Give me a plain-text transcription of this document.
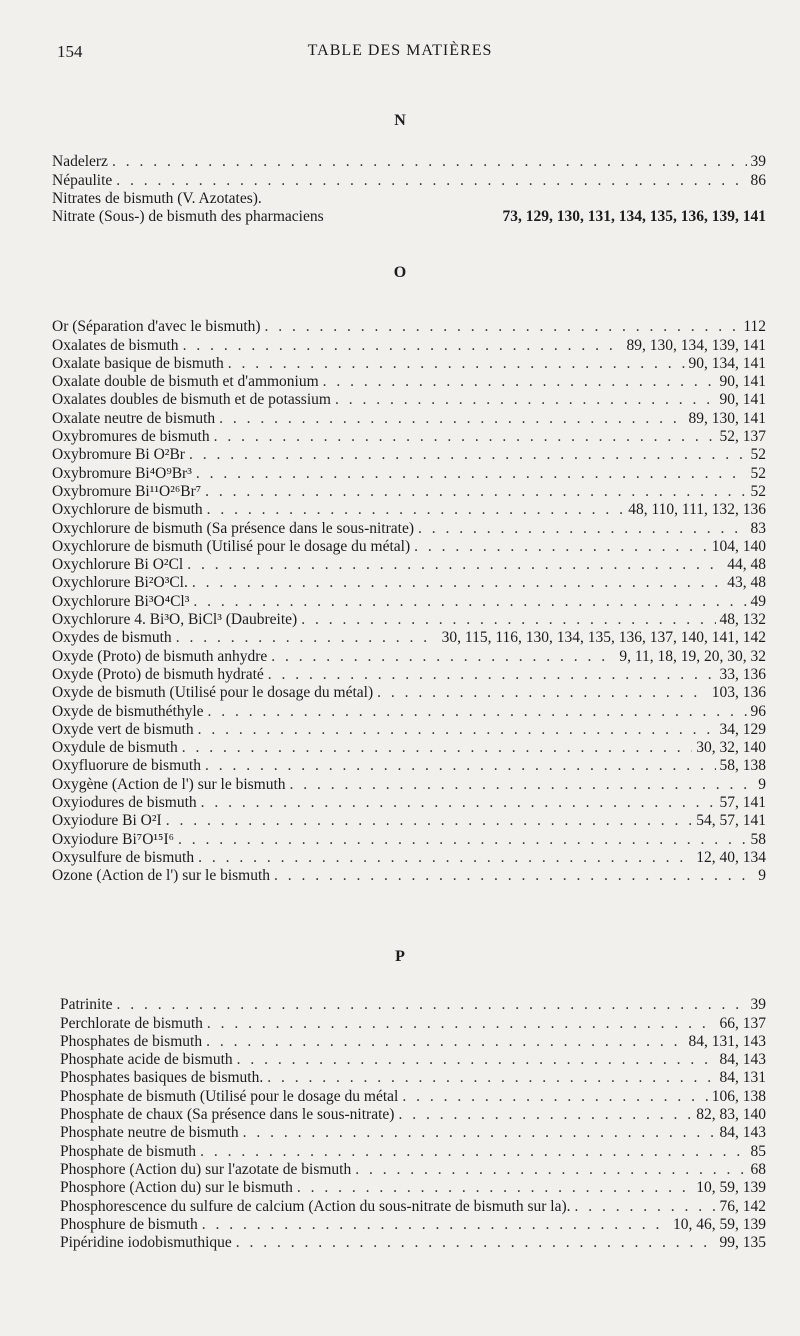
154	TABLE DES MATIÈRES
N
Nadelerz . . .	39
Népaulite . . .	86
Nitrates de bismuth (V. Azotates).
Nitrate (Sous-) de bismuth des pharmaciens	73, 129, 130, 131, 134, 135, 136, 139, 141
O
Or (Séparation d'avec le bismuth) . . .	112
Oxalates de bismuth . . .	89, 130, 134, 139, 141
Oxalate basique de bismuth . . .	90, 134, 141
Oxalate double de bismuth et d'ammonium . . .	90, 141
Oxalates doubles de bismuth et de potassium . . .	90, 141
Oxalate neutre de bismuth . . .	89, 130, 141
Oxybromures de bismuth . . .	52, 137
Oxybromure Bi O²Br . . .	52
Oxybromure Bi⁴O⁹Br³ . . .	52
Oxybromure Bi¹¹O²⁶Br⁷ . . .	52
Oxychlorure de bismuth . . .	48, 110, 111, 132, 136
Oxychlorure de bismuth (Sa présence dans le sous-nitrate) . . .	83
Oxychlorure de bismuth (Utilisé pour le dosage du métal) . . .	104, 140
Oxychlorure Bi O²Cl . . .	44, 48
Oxychlorure Bi²O³Cl. . . .	43, 48
Oxychlorure Bi³O⁴Cl³ . . .	49
Oxychlorure 4. Bi³O, BiCl³ (Daubreite) . . .	48, 132
Oxydes de bismuth . . .	30, 115, 116, 130, 134, 135, 136, 137, 140, 141, 142
Oxyde (Proto) de bismuth anhydre . . .	9, 11, 18, 19, 20, 30, 32
Oxyde (Proto) de bismuth hydraté . . .	33, 136
Oxyde de bismuth (Utilisé pour le dosage du métal) . . .	103, 136
Oxyde de bismuthéthyle . . .	96
Oxyde vert de bismuth . . .	34, 129
Oxydule de bismuth . . .	30, 32, 140
Oxyfluorure de bismuth . . .	58, 138
Oxygène (Action de l') sur le bismuth . . .	9
Oxyiodures de bismuth . . .	57, 141
Oxyiodure Bi O²I . . .	54, 57, 141
Oxyiodure Bi⁷O¹⁵I⁶ . . .	58
Oxysulfure de bismuth . . .	12, 40, 134
Ozone (Action de l') sur le bismuth . . .	9
P
Patrinite . . .	39
Perchlorate de bismuth . . .	66, 137
Phosphates de bismuth . . .	84, 131, 143
Phosphate acide de bismuth . . .	84, 143
Phosphates basiques de bismuth. . . .	84, 131
Phosphate de bismuth (Utilisé pour le dosage du métal . . .	106, 138
Phosphate de chaux (Sa présence dans le sous-nitrate) . . .	82, 83, 140
Phosphate neutre de bismuth . . .	84, 143
Phosphate de bismuth . . .	85
Phosphore (Action du) sur l'azotate de bismuth . . .	68
Phosphore (Action du) sur le bismuth . . .	10, 59, 139
Phosphorescence du sulfure de calcium (Action du sous-nitrate de bismuth sur la). . . .	76, 142
Phosphure de bismuth . . .	10, 46, 59, 139
Pipéridine iodobismuthique . . .	99, 135
